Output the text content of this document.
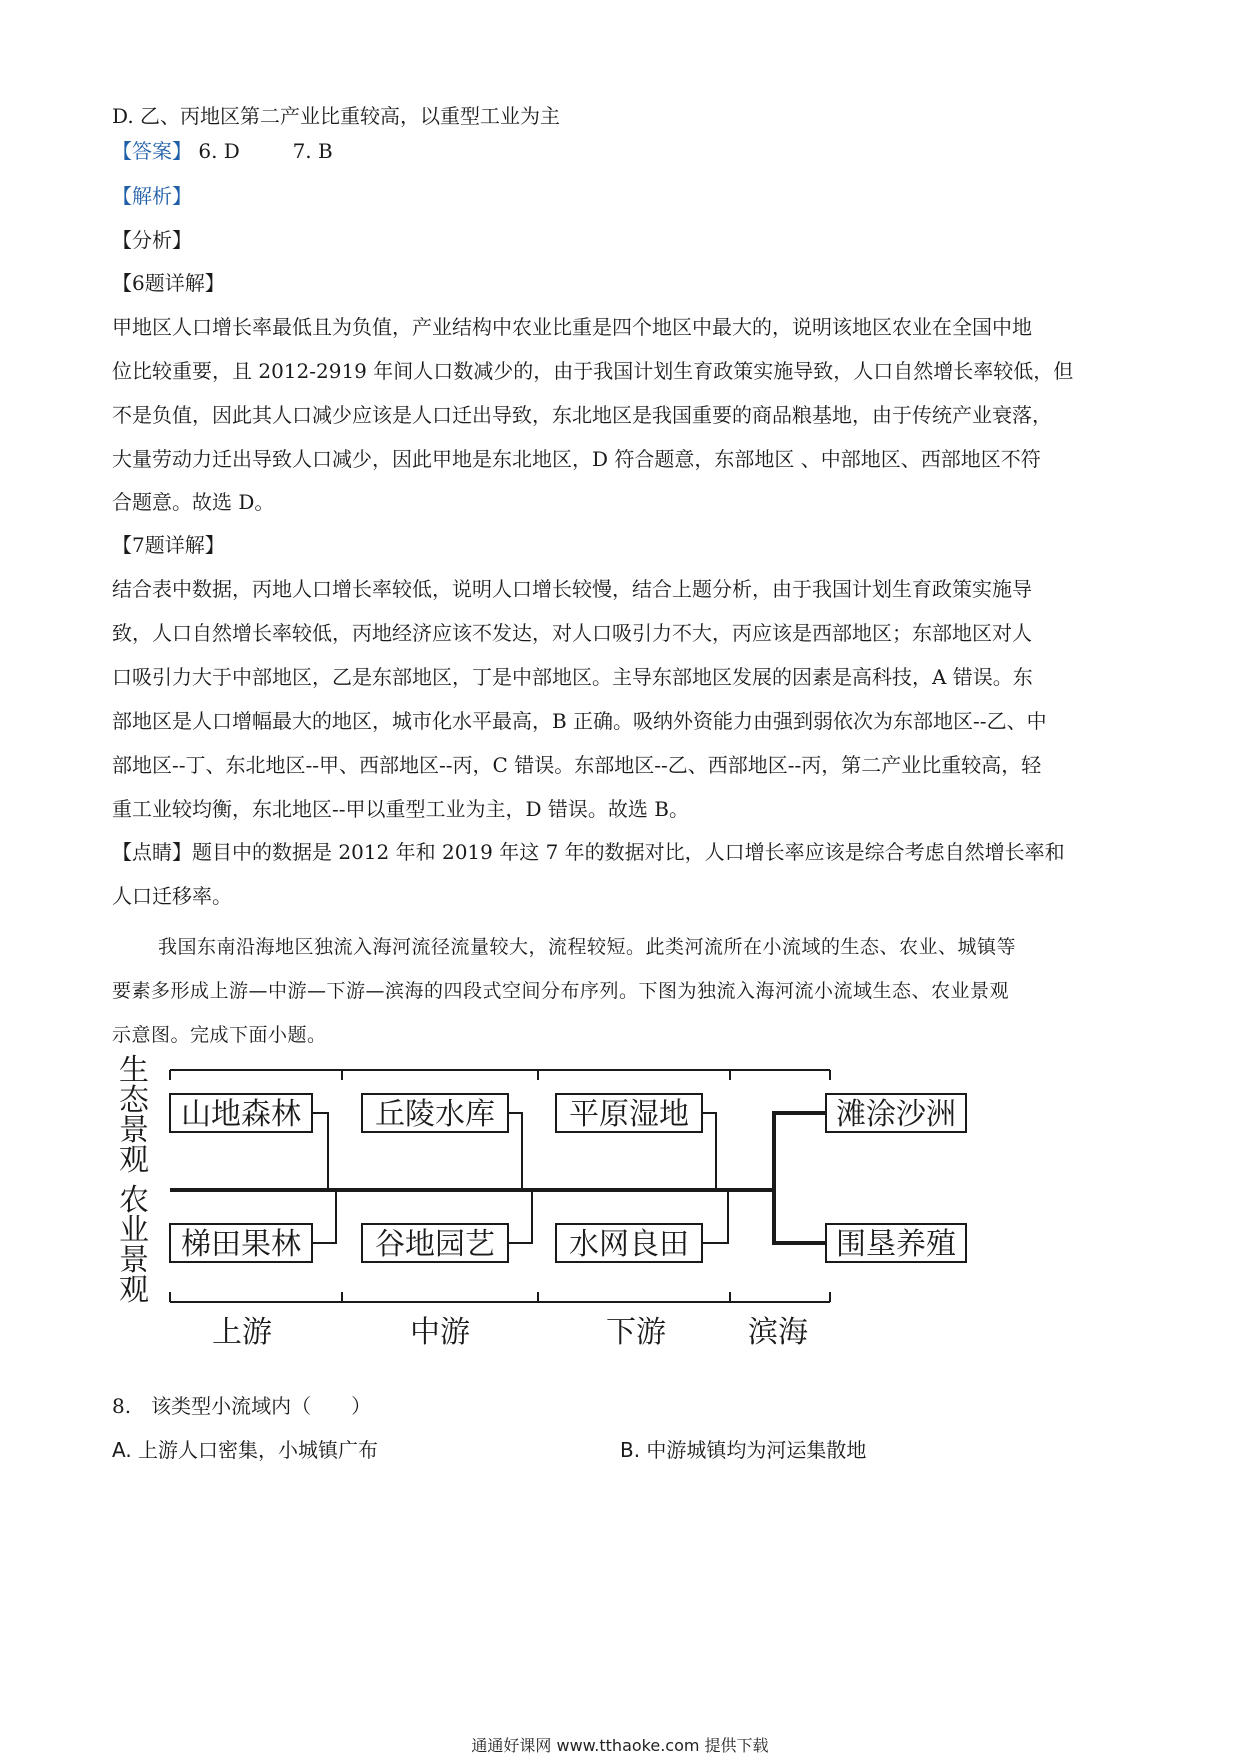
D. 乙、丙地区第二产业比重较高，以重型工业为主
【答案】 6. D	7. B
【解析】
【分析】
【6题详解】
甲地区人口增长率最低且为负值，产业结构中农业比重是四个地区中最大的，说明该地区农业在全国中地
位比较重要，且 2012-2919 年间人口数减少的，由于我国计划生育政策实施导致，人口自然增长率较低，但
不是负值，因此其人口减少应该是人口迁出导致，东北地区是我国重要的商品粮基地，由于传统产业衰落，
大量劳动力迁出导致人口减少，因此甲地是东北地区，D 符合题意，东部地区 、中部地区、西部地区不符
合题意。故选 D。
【7题详解】
结合表中数据，丙地人口增长率较低，说明人口增长较慢，结合上题分析，由于我国计划生育政策实施导
致，人口自然增长率较低，丙地经济应该不发达，对人口吸引力不大，丙应该是西部地区；东部地区对人
口吸引力大于中部地区，乙是东部地区，丁是中部地区。主导东部地区发展的因素是高科技，A 错误。东
部地区是人口增幅最大的地区，城市化水平最高，B 正确。吸纳外资能力由强到弱依次为东部地区--乙、中
部地区--丁、东北地区--甲、西部地区--丙，C 错误。东部地区--乙、西部地区--丙，第二产业比重较高，轻
重工业较均衡，东北地区--甲以重型工业为主，D 错误。故选 B。
【点睛】题目中的数据是 2012 年和 2019 年这 7 年的数据对比，人口增长率应该是综合考虑自然增长率和
人口迁移率。
我国东南沿海地区独流入海河流径流量较大，流程较短。此类河流所在小流域的生态、农业、城镇等
要素多形成上游—中游—下游—滨海的四段式空间分布序列。下图为独流入海河流小流域生态、农业景观
示意图。完成下面小题。
山地森林 丘陵水库 平原湿地	滩涂沙洲
梯田果林 谷地园艺 水网良田	围垦养殖
上游	中游	下游	滨海
生态景观
农业景观
8.　该类型小流域内（　　）
A. 上游人口密集，小城镇广布	B. 中游城镇均为河运集散地
通通好课网 www.tthaoke.com 提供下载
